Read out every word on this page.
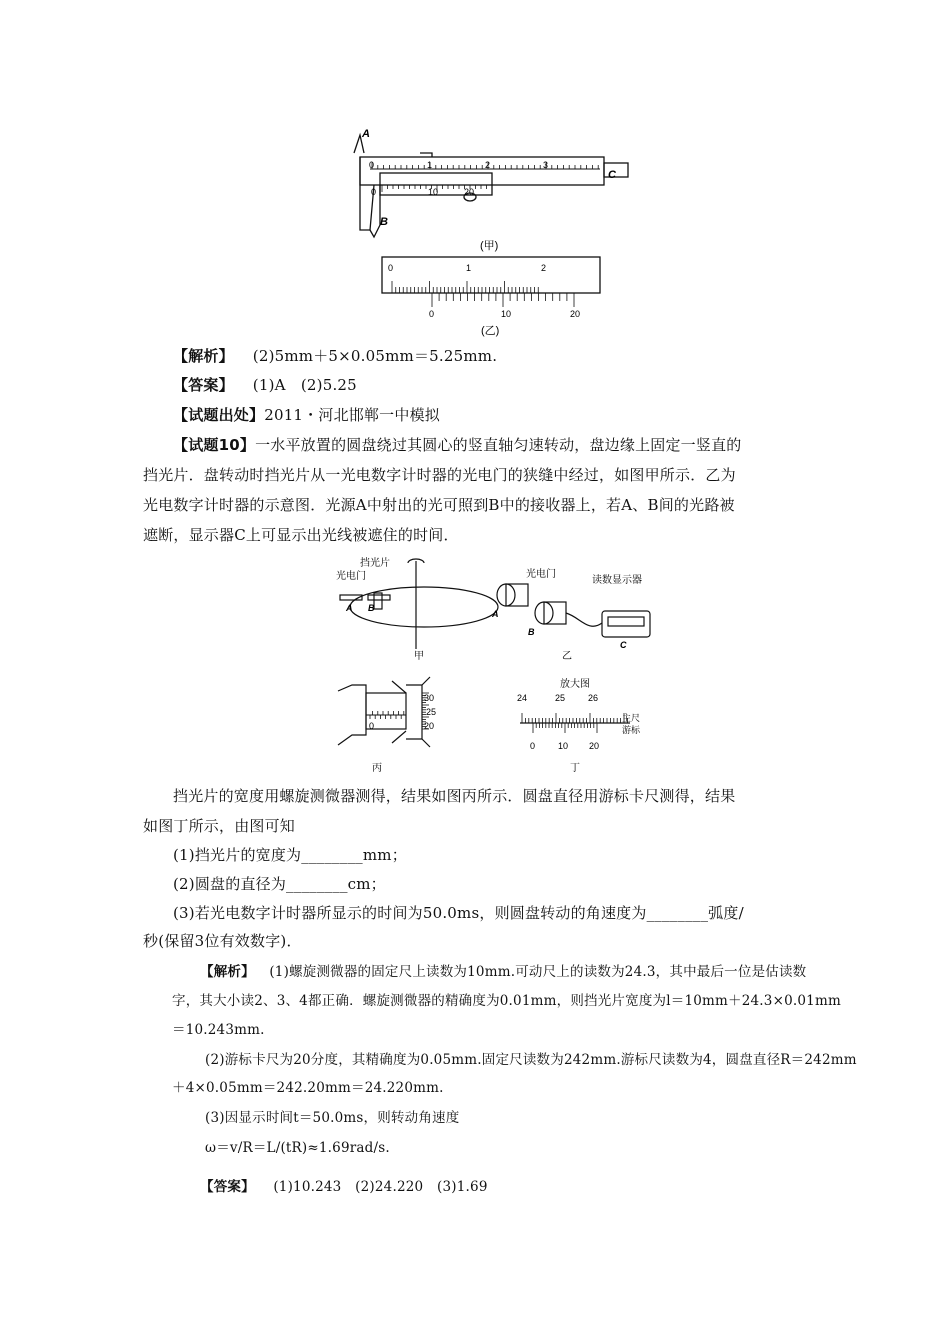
A
B
C
0	1	2	3
0	10	20
(甲)
0	1	2
0	10	20
(乙)
【解析】 (2)5mm＋5×0.05mm＝5.25mm.
【答案】 (1)A　(2)5.25
【试题出处】2011・河北邯郸一中模拟
【试题10】一水平放置的圆盘绕过其圆心的竖直轴匀速转动，盘边缘上固定一竖直的
挡光片．盘转动时挡光片从一光电数字计时器的光电门的狭缝中经过，如图甲所示．乙为
光电数字计时器的示意图．光源A中射出的光可照到B中的接收器上，若A、B间的光路被
遮断，显示器C上可显示出光线被遮住的时间．
挡光片
光电门
A B
甲
光电门
读数显示器
A
B
C
乙
30
25
20
0
丙
放大图
24	25	26
0	10 20
主尺
游标
丁
挡光片的宽度用螺旋测微器测得，结果如图丙所示．圆盘直径用游标卡尺测得，结果
如图丁所示，由图可知
(1)挡光片的宽度为________mm；
(2)圆盘的直径为________cm；
(3)若光电数字计时器所显示的时间为50.0ms，则圆盘转动的角速度为________弧度/
秒(保留3位有效数字)．
【解析】 (1)螺旋测微器的固定尺上读数为10mm.可动尺上的读数为24.3，其中最后一位是估读数
字，其大小读2、3、4都正确．螺旋测微器的精确度为0.01mm，则挡光片宽度为l＝10mm＋24.3×0.01mm
＝10.243mm.
(2)游标卡尺为20分度，其精确度为0.05mm.固定尺读数为242mm.游标尺读数为4，圆盘直径R＝242mm
＋4×0.05mm＝242.20mm＝24.220mm.
(3)因显示时间t＝50.0ms，则转动角速度
ω＝v/R＝L/(tR)≈1.69rad/s.
【答案】 (1)10.243　(2)24.220　(3)1.69
